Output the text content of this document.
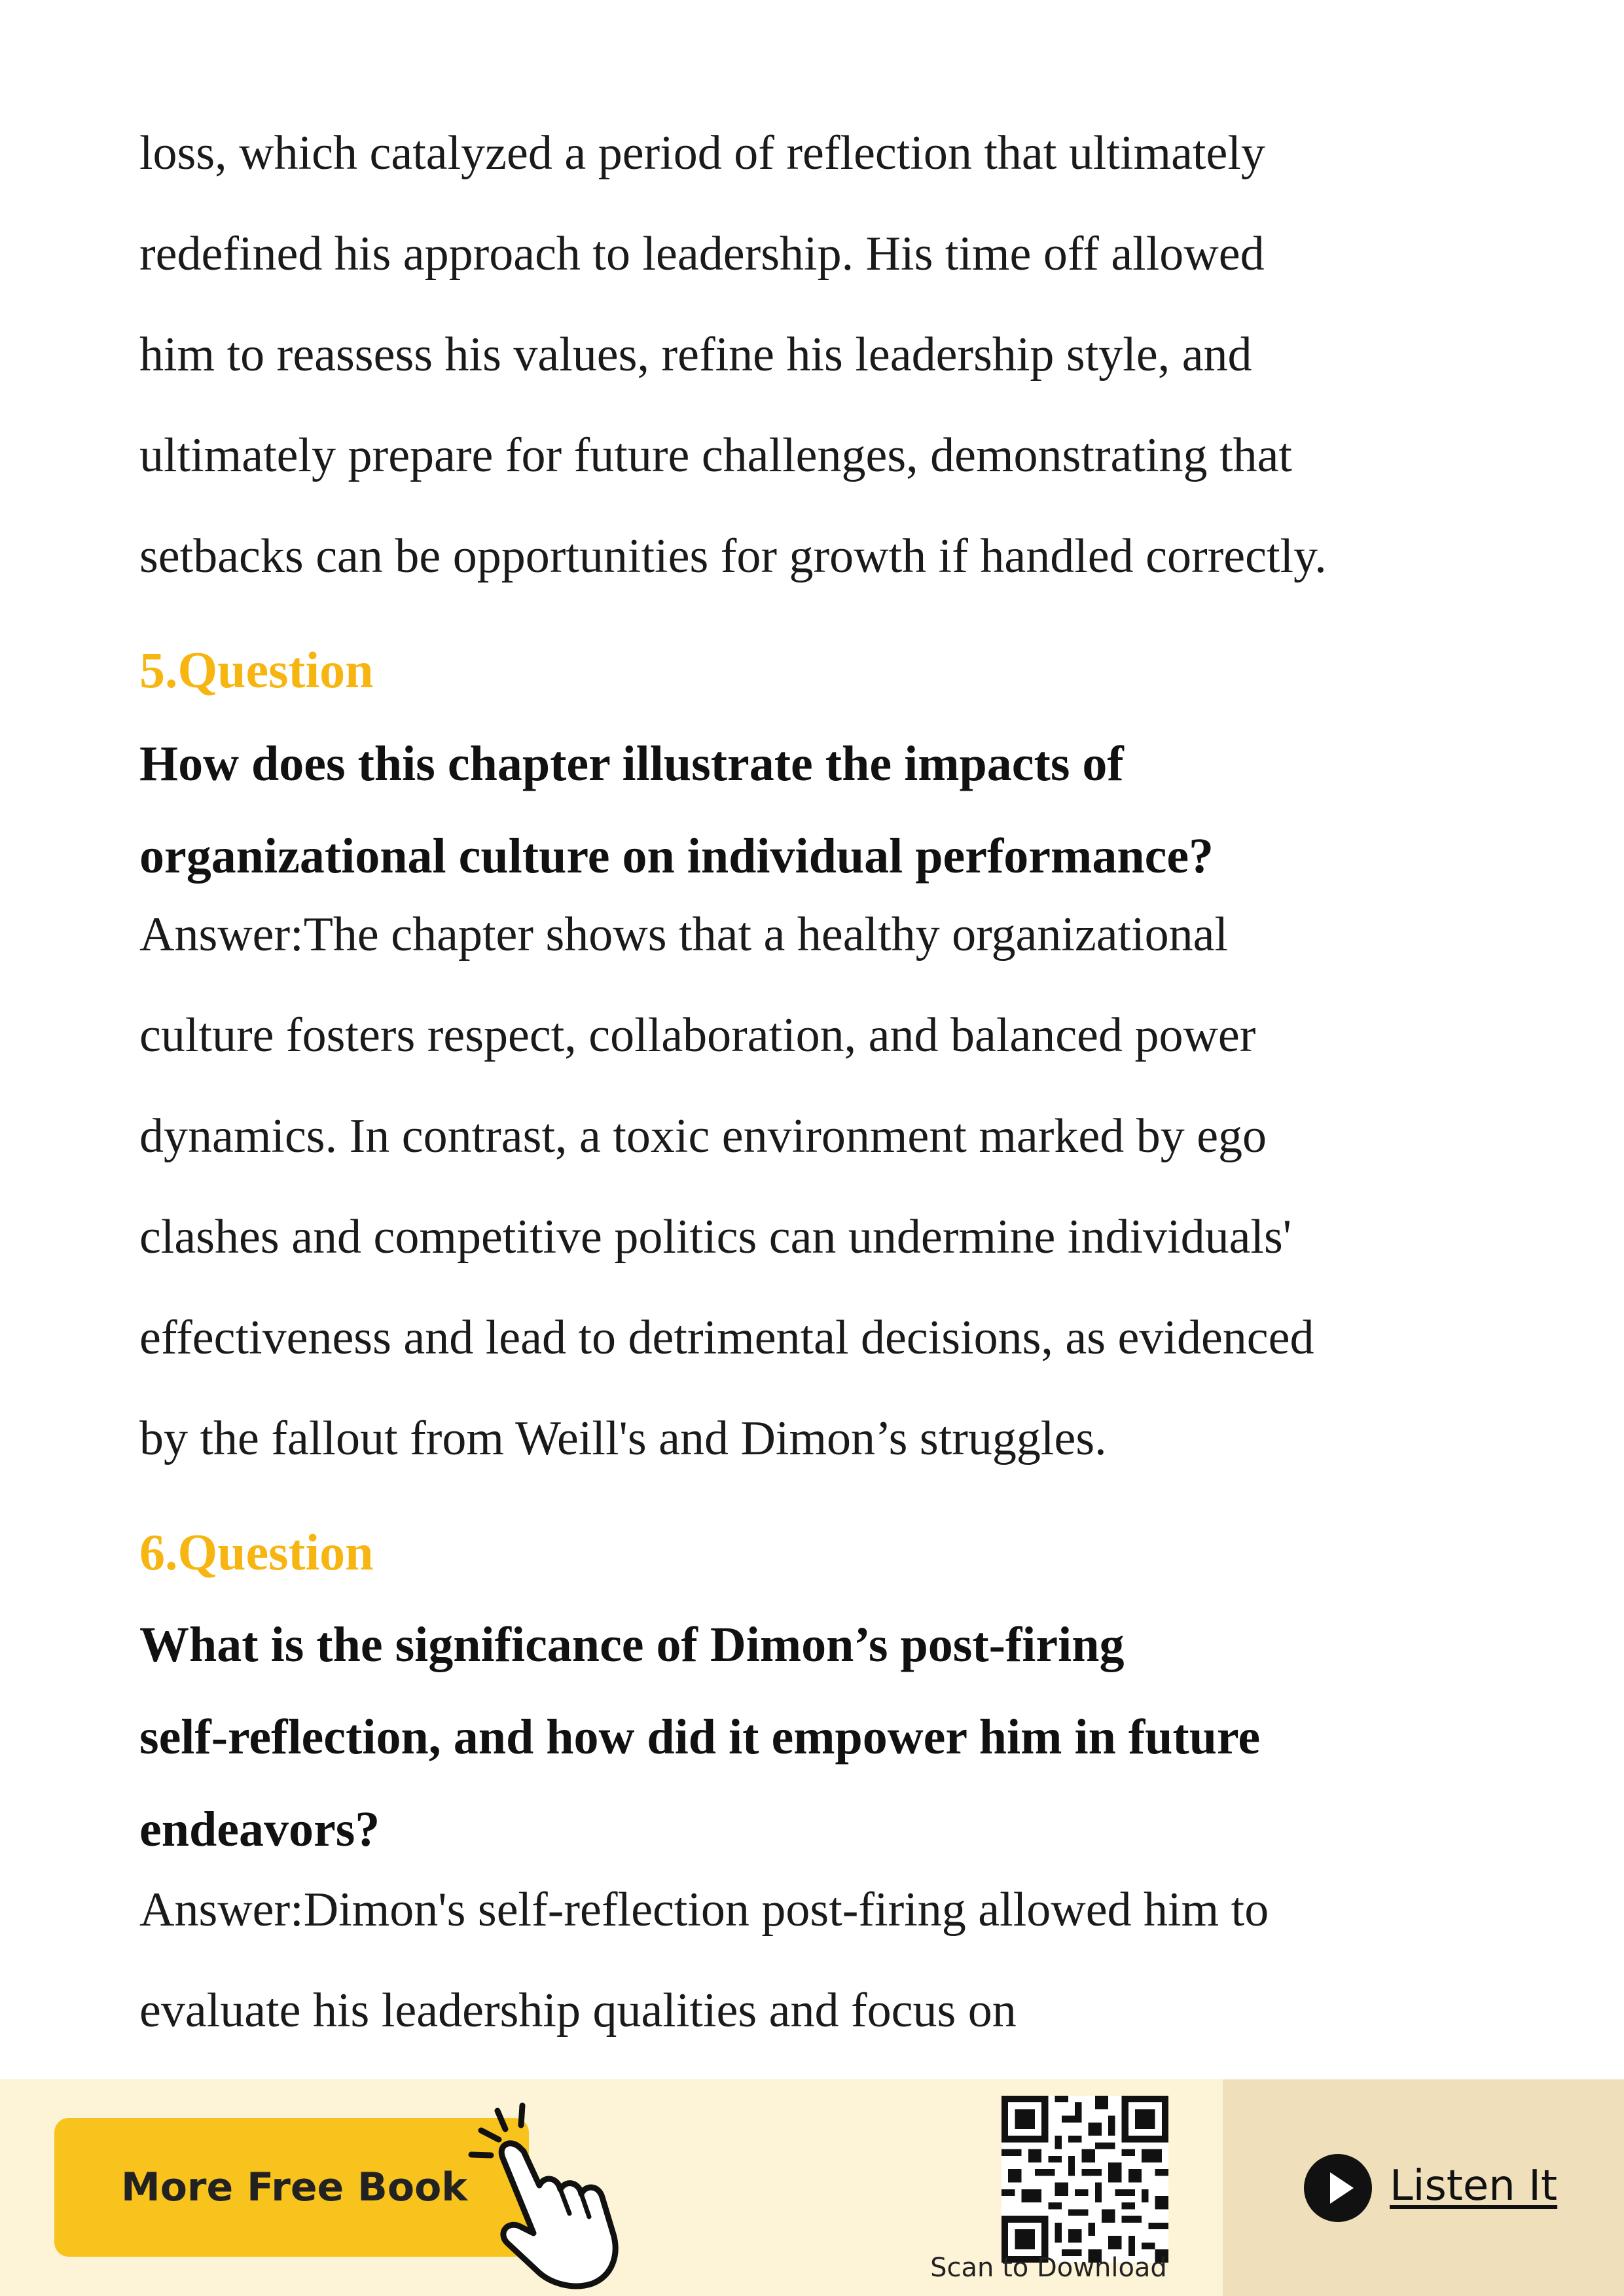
loss, which catalyzed a period of reflection that ultimately
redefined his approach to leadership. His time off allowed
him to reassess his values, refine his leadership style, and
ultimately prepare for future challenges, demonstrating that
setbacks can be opportunities for growth if handled correctly.
5.Question
How does this chapter illustrate the impacts of
organizational culture on individual performance?
Answer:The chapter shows that a healthy organizational
culture fosters respect, collaboration, and balanced power
dynamics. In contrast, a toxic environment marked by ego
clashes and competitive politics can undermine individuals'
effectiveness and lead to detrimental decisions, as evidenced
by the fallout from Weill's and Dimon’s struggles.
6.Question
What is the significance of Dimon’s post-firing
self-reflection, and how did it empower him in future
endeavors?
Answer:Dimon's self-reflection post-firing allowed him to
evaluate his leadership qualities and focus on
More Free Book
Scan to Download
Listen It
